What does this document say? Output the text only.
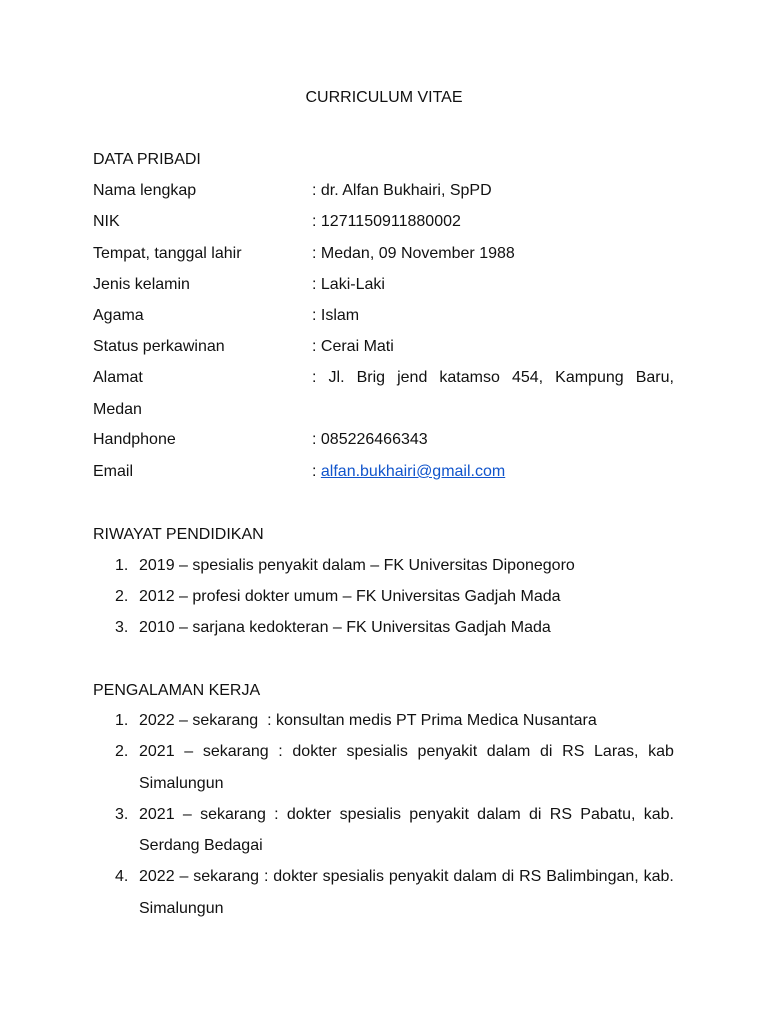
CURRICULUM VITAE
DATA PRIBADI
Nama lengkap	: dr. Alfan Bukhairi, SpPD
NIK	: 1271150911880002
Tempat, tanggal lahir	: Medan, 09 November 1988
Jenis kelamin	: Laki-Laki
Agama	: Islam
Status perkawinan	: Cerai Mati
Alamat	: Jl. Brig jend katamso 454, Kampung Baru,
Medan
Handphone	: 085226466343
Email	: alfan.bukhairi@gmail.com
RIWAYAT PENDIDIKAN
1. 2019 – spesialis penyakit dalam – FK Universitas Diponegoro
2. 2012 – profesi dokter umum – FK Universitas Gadjah Mada
3. 2010 – sarjana kedokteran – FK Universitas Gadjah Mada
PENGALAMAN KERJA
1. 2022 – sekarang  : konsultan medis PT Prima Medica Nusantara
2. 2021 – sekarang : dokter spesialis penyakit dalam di RS Laras, kab
Simalungun
3. 2021 – sekarang : dokter spesialis penyakit dalam di RS Pabatu, kab.
Serdang Bedagai
4. 2022 – sekarang : dokter spesialis penyakit dalam di RS Balimbingan, kab.
Simalungun
